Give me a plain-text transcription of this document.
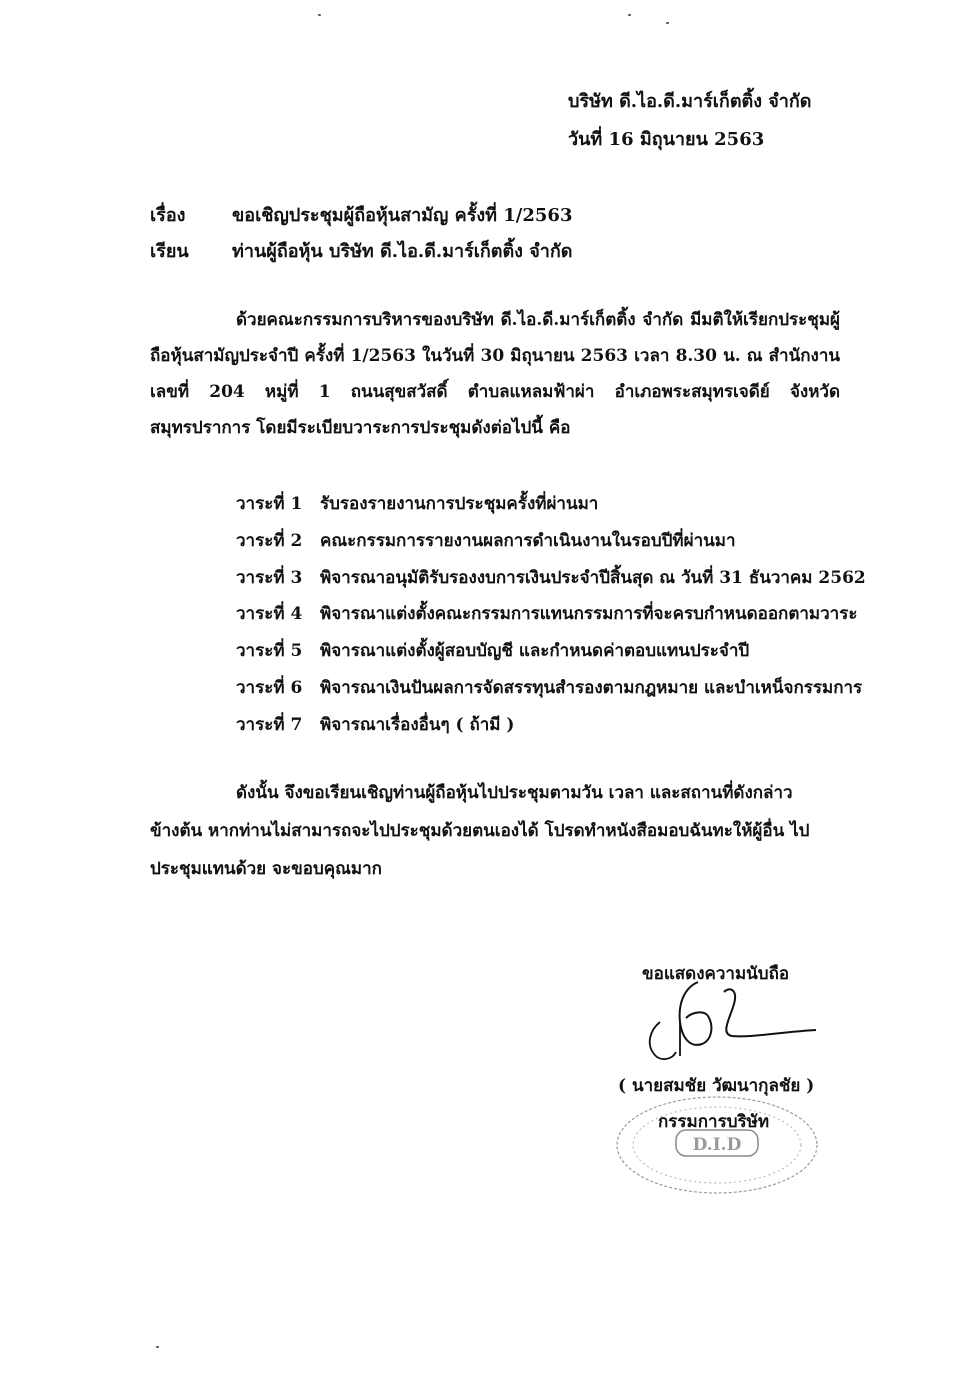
บริษัท ดี.ไอ.ดี.มาร์เก็ตติ้ง จำกัด
วันที่ 16 มิถุนายน 2563
เรื่อง	ขอเชิญประชุมผู้ถือหุ้นสามัญ ครั้งที่ 1/2563
เรียน ท่านผู้ถือหุ้น บริษัท ดี.ไอ.ดี.มาร์เก็ตติ้ง จำกัด

ด้วยคณะกรรมการบริหารของบริษัท ดี.ไอ.ดี.มาร์เก็ตติ้ง จำกัด มีมติให้เรียกประชุมผู้ถือหุ้นสามัญประจำปี ครั้งที่ 1/2563 ในวันที่ 30 มิถุนายน 2563 เวลา 8.30 น. ณ สำนักงาน เลขที่ 204 หมู่ที่ 1 ถนนสุขสวัสดิ์ ตำบลแหลมฟ้าผ่า อำเภอพระสมุทรเจดีย์ จังหวัดสมุทรปราการ โดยมีระเบียบวาระการประชุมดังต่อไปนี้ คือ

วาระที่ 1 รับรองรายงานการประชุมครั้งที่ผ่านมา
วาระที่ 2 คณะกรรมการรายงานผลการดำเนินงานในรอบปีที่ผ่านมา
วาระที่ 3 พิจารณาอนุมัติรับรองงบการเงินประจำปีสิ้นสุด ณ วันที่ 31 ธันวาคม 2562
วาระที่ 4 พิจารณาแต่งตั้งคณะกรรมการแทนกรรมการที่จะครบกำหนดออกตามวาระ
วาระที่ 5 พิจารณาแต่งตั้งผู้สอบบัญชี และกำหนดค่าตอบแทนประจำปี
วาระที่ 6 พิจารณาเงินปันผลการจัดสรรทุนสำรองตามกฎหมาย และบำเหน็จกรรมการ
วาระที่ 7 พิจารณาเรื่องอื่นๆ ( ถ้ามี )

ดังนั้น จึงขอเรียนเชิญท่านผู้ถือหุ้นไปประชุมตามวัน เวลา และสถานที่ดังกล่าว ข้างต้น หากท่านไม่สามารถจะไปประชุมด้วยตนเองได้ โปรดทำหนังสือมอบฉันทะให้ผู้อื่น ไปประชุมแทนด้วย จะขอบคุณมาก

ขอแสดงความนับถือ
( นายสมชัย วัฒนากุลชัย )
กรรมการบริษัท
D.I.D
